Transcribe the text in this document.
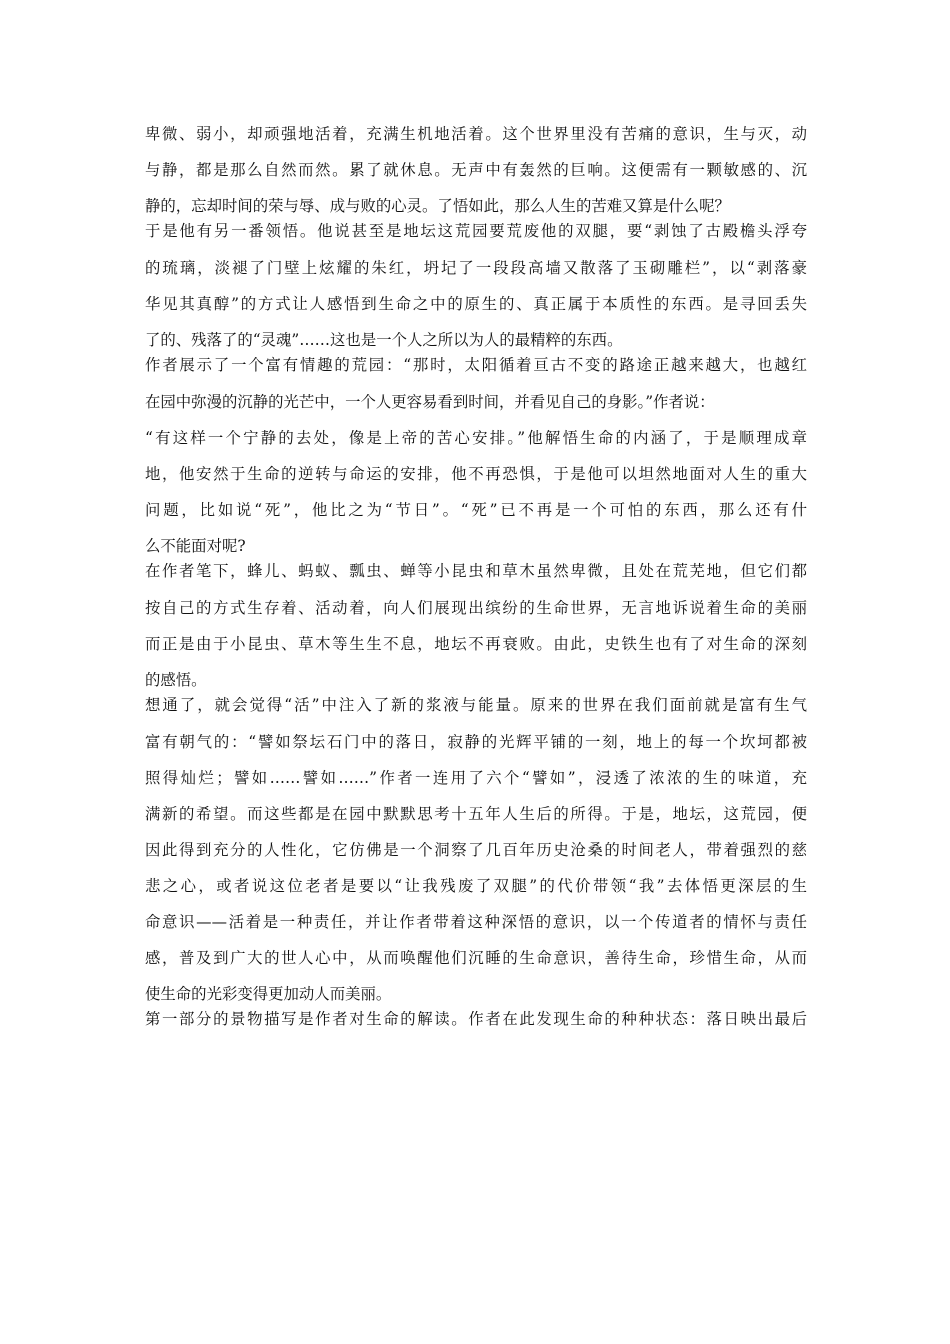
卑微、弱小，却顽强地活着，充满生机地活着。这个世界里没有苦痛的意识，生与灭，动
与静，都是那么自然而然。累了就休息。无声中有轰然的巨响。这便需有一颗敏感的、沉
静的，忘却时间的荣与辱、成与败的心灵。了悟如此，那么人生的苦难又算是什么呢？
于是他有另一番领悟。他说甚至是地坛这荒园要荒废他的双腿，要“剥蚀了古殿檐头浮夸
的琉璃，淡褪了门壁上炫耀的朱红，坍圮了一段段高墙又散落了玉砌雕栏”，以“剥落豪
华见其真醇”的方式让人感悟到生命之中的原生的、真正属于本质性的东西。是寻回丢失
了的、残落了的“灵魂”……这也是一个人之所以为人的最精粹的东西。
作者展示了一个富有情趣的荒园：“那时，太阳循着亘古不变的路途正越来越大，也越红
在园中弥漫的沉静的光芒中，一个人更容易看到时间，并看见自己的身影。”作者说：
“有这样一个宁静的去处，像是上帝的苦心安排。”他解悟生命的内涵了，于是顺理成章
地，他安然于生命的逆转与命运的安排，他不再恐惧，于是他可以坦然地面对人生的重大
问题，比如说“死”，他比之为“节日”。“死”已不再是一个可怕的东西，那么还有什
么不能面对呢?
在作者笔下，蜂儿、蚂蚁、瓢虫、蝉等小昆虫和草木虽然卑微，且处在荒芜地，但它们都
按自己的方式生存着、活动着，向人们展现出缤纷的生命世界，无言地诉说着生命的美丽
而正是由于小昆虫、草木等生生不息，地坛不再衰败。由此，史铁生也有了对生命的深刻
的感悟。
想通了，就会觉得“活”中注入了新的浆液与能量。原来的世界在我们面前就是富有生气
富有朝气的：“譬如祭坛石门中的落日，寂静的光辉平铺的一刻，地上的每一个坎坷都被
照得灿烂；譬如……譬如……”作者一连用了六个“譬如”，浸透了浓浓的生的味道，充
满新的希望。而这些都是在园中默默思考十五年人生后的所得。于是，地坛，这荒园，便
因此得到充分的人性化，它仿佛是一个洞察了几百年历史沧桑的时间老人，带着强烈的慈
悲之心，或者说这位老者是要以“让我残废了双腿”的代价带领“我”去体悟更深层的生
命意识——活着是一种责任，并让作者带着这种深悟的意识，以一个传道者的情怀与责任
感，普及到广大的世人心中，从而唤醒他们沉睡的生命意识，善待生命，珍惜生命，从而
使生命的光彩变得更加动人而美丽。
第一部分的景物描写是作者对生命的解读。作者在此发现生命的种种状态：落日映出最后
